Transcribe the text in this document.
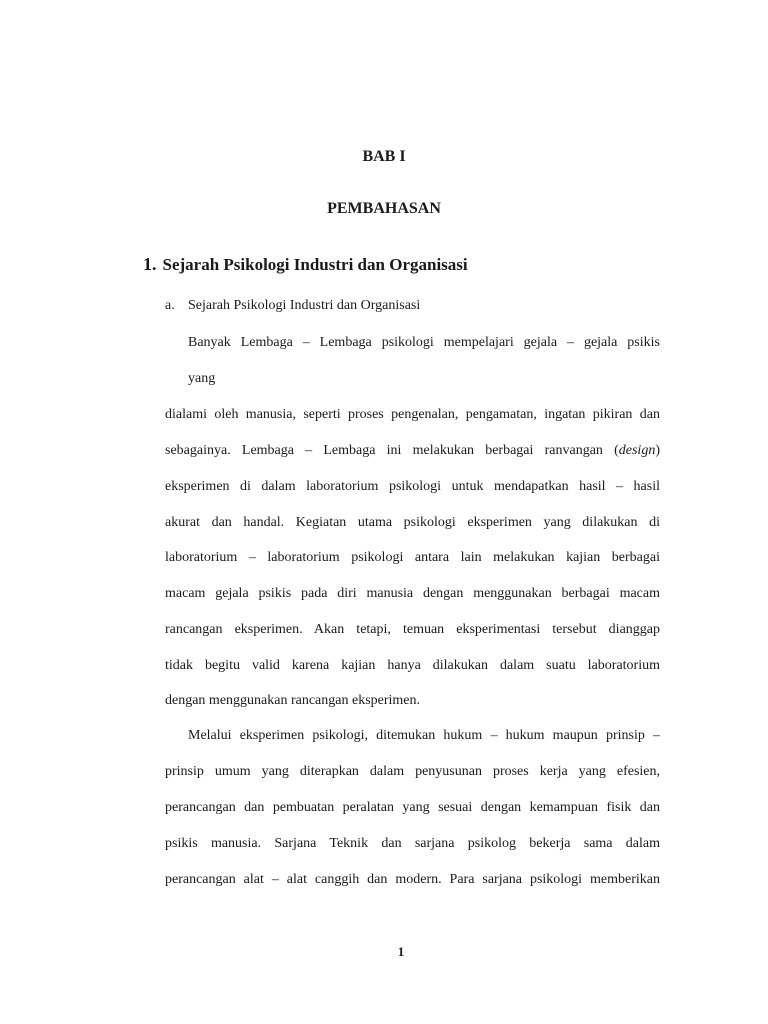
BAB I
PEMBAHASAN
1. Sejarah Psikologi Industri dan Organisasi
a. Sejarah Psikologi Industri dan Organisasi
Banyak Lembaga – Lembaga psikologi mempelajari gejala – gejala psikis
yang
dialami oleh manusia, seperti proses pengenalan, pengamatan, ingatan pikiran dan
sebagainya. Lembaga – Lembaga ini melakukan berbagai ranvangan (design)
eksperimen di dalam laboratorium psikologi untuk mendapatkan hasil – hasil
akurat dan handal. Kegiatan utama psikologi eksperimen yang dilakukan di
laboratorium – laboratorium psikologi antara lain melakukan kajian berbagai
macam gejala psikis pada diri manusia dengan menggunakan berbagai macam
rancangan eksperimen. Akan tetapi, temuan eksperimentasi tersebut dianggap
tidak begitu valid karena kajian hanya dilakukan dalam suatu laboratorium
dengan menggunakan rancangan eksperimen.
Melalui eksperimen psikologi, ditemukan hukum – hukum maupun prinsip –
prinsip umum yang diterapkan dalam penyusunan proses kerja yang efesien,
perancangan dan pembuatan peralatan yang sesuai dengan kemampuan fisik dan
psikis manusia. Sarjana Teknik dan sarjana psikolog bekerja sama dalam
perancangan alat – alat canggih dan modern. Para sarjana psikologi memberikan
1
